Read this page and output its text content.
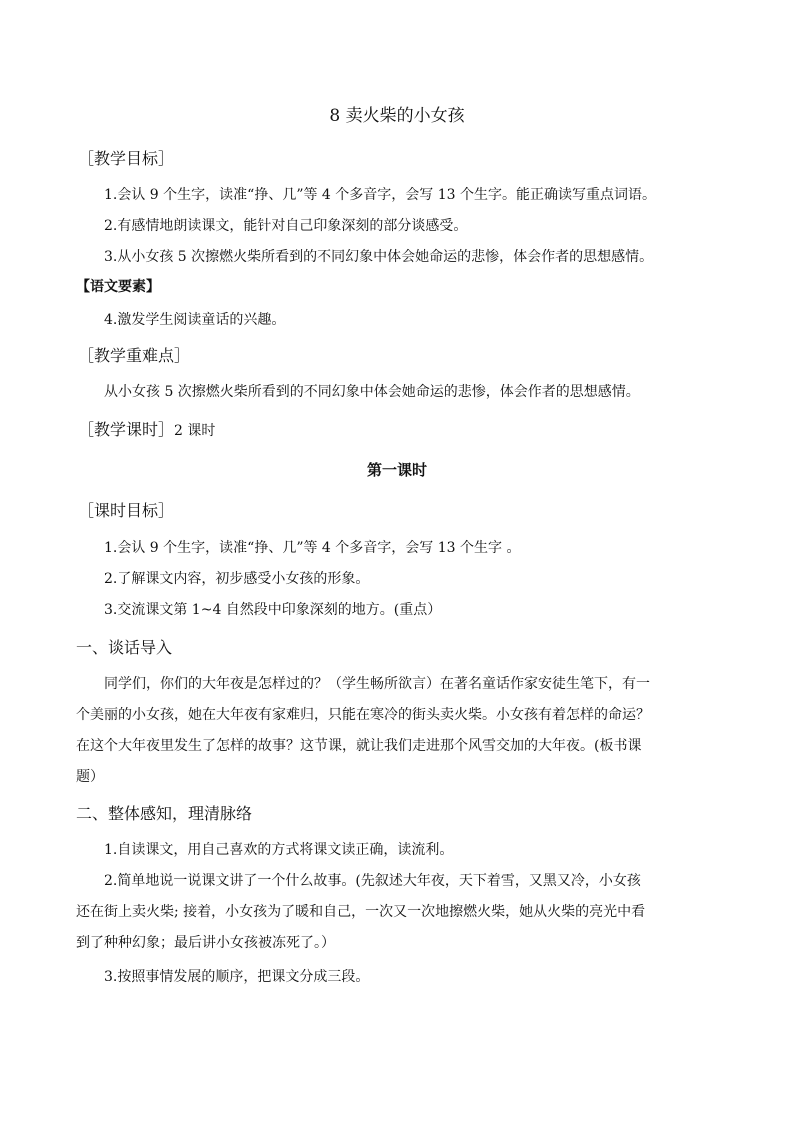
8 卖火柴的小女孩
［教学目标］
1.会认 9 个生字，读准“挣、几”等 4 个多音字，会写 13 个生字。能正确读写重点词语。
2.有感情地朗读课文，能针对自己印象深刻的部分谈感受。
3.从小女孩 5 次擦燃火柴所看到的不同幻象中体会她命运的悲惨，体会作者的思想感情。
【语文要素】
4.激发学生阅读童话的兴趣。
［教学重难点］
从小女孩 5 次擦燃火柴所看到的不同幻象中体会她命运的悲惨，体会作者的思想感情。
［教学课时］2 课时
第一课时
［课时目标］
1.会认 9 个生字，读准“挣、几”等 4 个多音字，会写 13 个生字 。
2.了解课文内容，初步感受小女孩的形象。
3.交流课文第 1~4 自然段中印象深刻的地方。(重点）
一、谈话导入
同学们，你们的大年夜是怎样过的？（学生畅所欲言）在著名童话作家安徒生笔下，有一
个美丽的小女孩，她在大年夜有家难归，只能在寒冷的街头卖火柴。小女孩有着怎样的命运？
在这个大年夜里发生了怎样的故事？这节课，就让我们走进那个风雪交加的大年夜。(板书课
题）
二、整体感知，理清脉络
1.自读课文，用自己喜欢的方式将课文读正确，读流利。
2.简单地说一说课文讲了一个什么故事。(先叙述大年夜，天下着雪，又黑又冷，小女孩
还在街上卖火柴; 接着，小女孩为了暖和自己，一次又一次地擦燃火柴，她从火柴的亮光中看
到了种种幻象；最后讲小女孩被冻死了。）
3.按照事情发展的顺序，把课文分成三段。
